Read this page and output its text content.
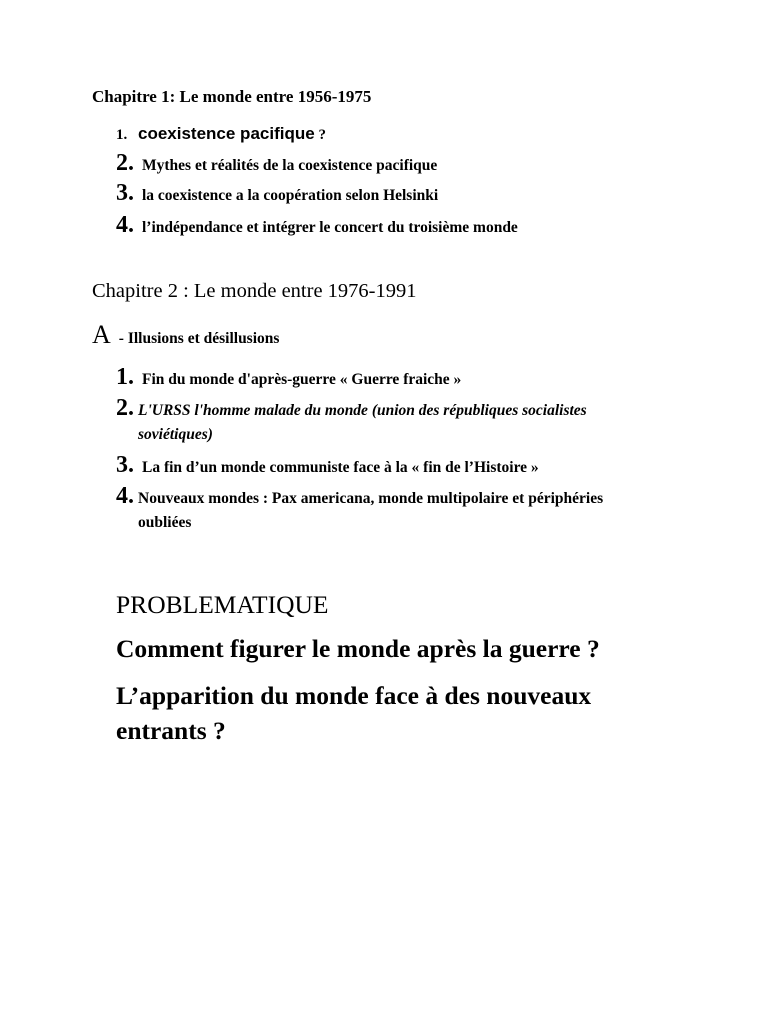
Chapitre 1: Le monde entre 1956-1975
1. coexistence pacifique ?
2. Mythes et réalités de la coexistence pacifique
3. la coexistence a la coopération selon Helsinki
4. l’indépendance et intégrer le concert du troisième monde
Chapitre 2 : Le monde entre 1976-1991
A - Illusions et désillusions
1. Fin du monde d'après-guerre « Guerre fraiche »
2. L'URSS l'homme malade du monde (union des républiques socialistes soviétiques)
3. La fin d’un monde communiste face à la « fin de l’Histoire »
4. Nouveaux mondes : Pax americana, monde multipolaire et périphéries oubliées
PROBLEMATIQUE
Comment figurer le monde après la guerre ?
L’apparition du monde face à des nouveaux entrants ?
